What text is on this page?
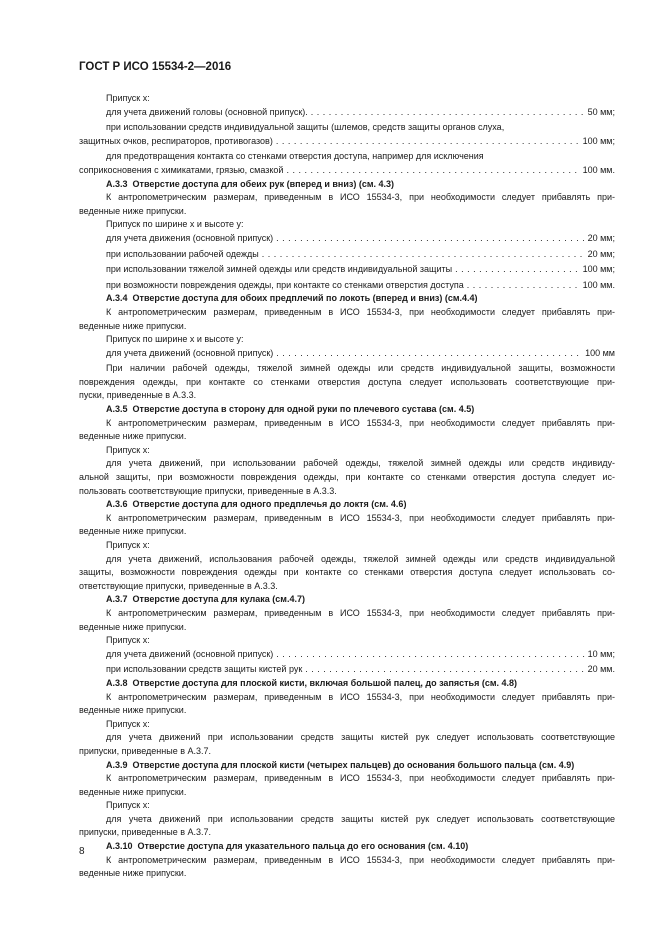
ГОСТ Р ИСО 15534-2—2016
Припуск x:
для учета движений головы (основной припуск). . . .	50 мм;
при использовании средств индивидуальной защиты (шлемов, средств защиты органов слуха,
защитных очков, респираторов, противогазов) . . .	100 мм;
для предотвращения контакта со стенками отверстия доступа, например для исключения
соприкосновения с химикатами, грязью, смазкой . . .	100 мм.
А.3.3 Отверстие доступа для обеих рук (вперед и вниз) (см. 4.3)
К антропометрическим размерам, приведенным в ИСО 15534-3, при необходимости следует прибавлять при-
веденные ниже припуски.
Припуск по ширине x и высоте y:
для учета движения (основной припуск) . . .	20 мм;
при использовании рабочей одежды . . .	20 мм;
при использовании тяжелой зимней одежды или средств индивидуальной защиты . . .	100 мм;
при возможности повреждения одежды, при контакте со стенками отверстия доступа . . .	100 мм.
А.3.4 Отверстие доступа для обоих предплечий по локоть (вперед и вниз) (см.4.4)
К антропометрическим размерам, приведенным в ИСО 15534-3, при необходимости следует прибавлять при-
веденные ниже припуски.
Припуск по ширине x и высоте y:
для учета движений (основной припуск) . . .	100 мм
При наличии рабочей одежды, тяжелой зимней одежды или средств индивидуальной защиты, возможности
повреждения одежды, при контакте со стенками отверстия доступа следует использовать соответствующие при-
пуски, приведенные в А.3.3.
А.3.5 Отверстие доступа в сторону для одной руки по плечевого сустава (см. 4.5)
К антропометрическим размерам, приведенным в ИСО 15534-3, при необходимости следует прибавлять при-
веденные ниже припуски.
Припуск x:
для учета движений, при использовании рабочей одежды, тяжелой зимней одежды или средств индивиду-
альной защиты, при возможности повреждения одежды, при контакте со стенками отверстия доступа следует ис-
пользовать соответствующие припуски, приведенные в А.3.3.
А.3.6 Отверстие доступа для одного предплечья до локтя (см. 4.6)
К антропометрическим размерам, приведенным в ИСО 15534-3, при необходимости следует прибавлять при-
веденные ниже припуски.
Припуск x:
для учета движений, использования рабочей одежды, тяжелой зимней одежды или средств индивидуальной
защиты, возможности повреждения одежды при контакте со стенками отверстия доступа следует использовать со-
ответствующие припуски, приведенные в А.3.3.
А.3.7 Отверстие доступа для кулака (см.4.7)
К антропометрическим размерам, приведенным в ИСО 15534-3, при необходимости следует прибавлять при-
веденные ниже припуски.
Припуск x:
для учета движений (основной припуск) . . .	10 мм;
при использовании средств защиты кистей рук . . .	20 мм.
А.3.8 Отверстие доступа для плоской кисти, включая большой палец, до запястья (см. 4.8)
К антропометрическим размерам, приведенным в ИСО 15534-3, при необходимости следует прибавлять при-
веденные ниже припуски.
Припуск x:
для учета движений при использовании средств защиты кистей рук следует использовать соответствующие
припуски, приведенные в А.3.7.
А.3.9 Отверстие доступа для плоской кисти (четырех пальцев) до основания большого пальца (см. 4.9)
К антропометрическим размерам, приведенным в ИСО 15534-3, при необходимости следует прибавлять при-
веденные ниже припуски.
Припуск x:
для учета движений при использовании средств защиты кистей рук следует использовать соответствующие
припуски, приведенные в А.3.7.
А.3.10 Отверстие доступа для указательного пальца до его основания (см. 4.10)
К антропометрическим размерам, приведенным в ИСО 15534-3, при необходимости следует прибавлять при-
веденные ниже припуски.
8
